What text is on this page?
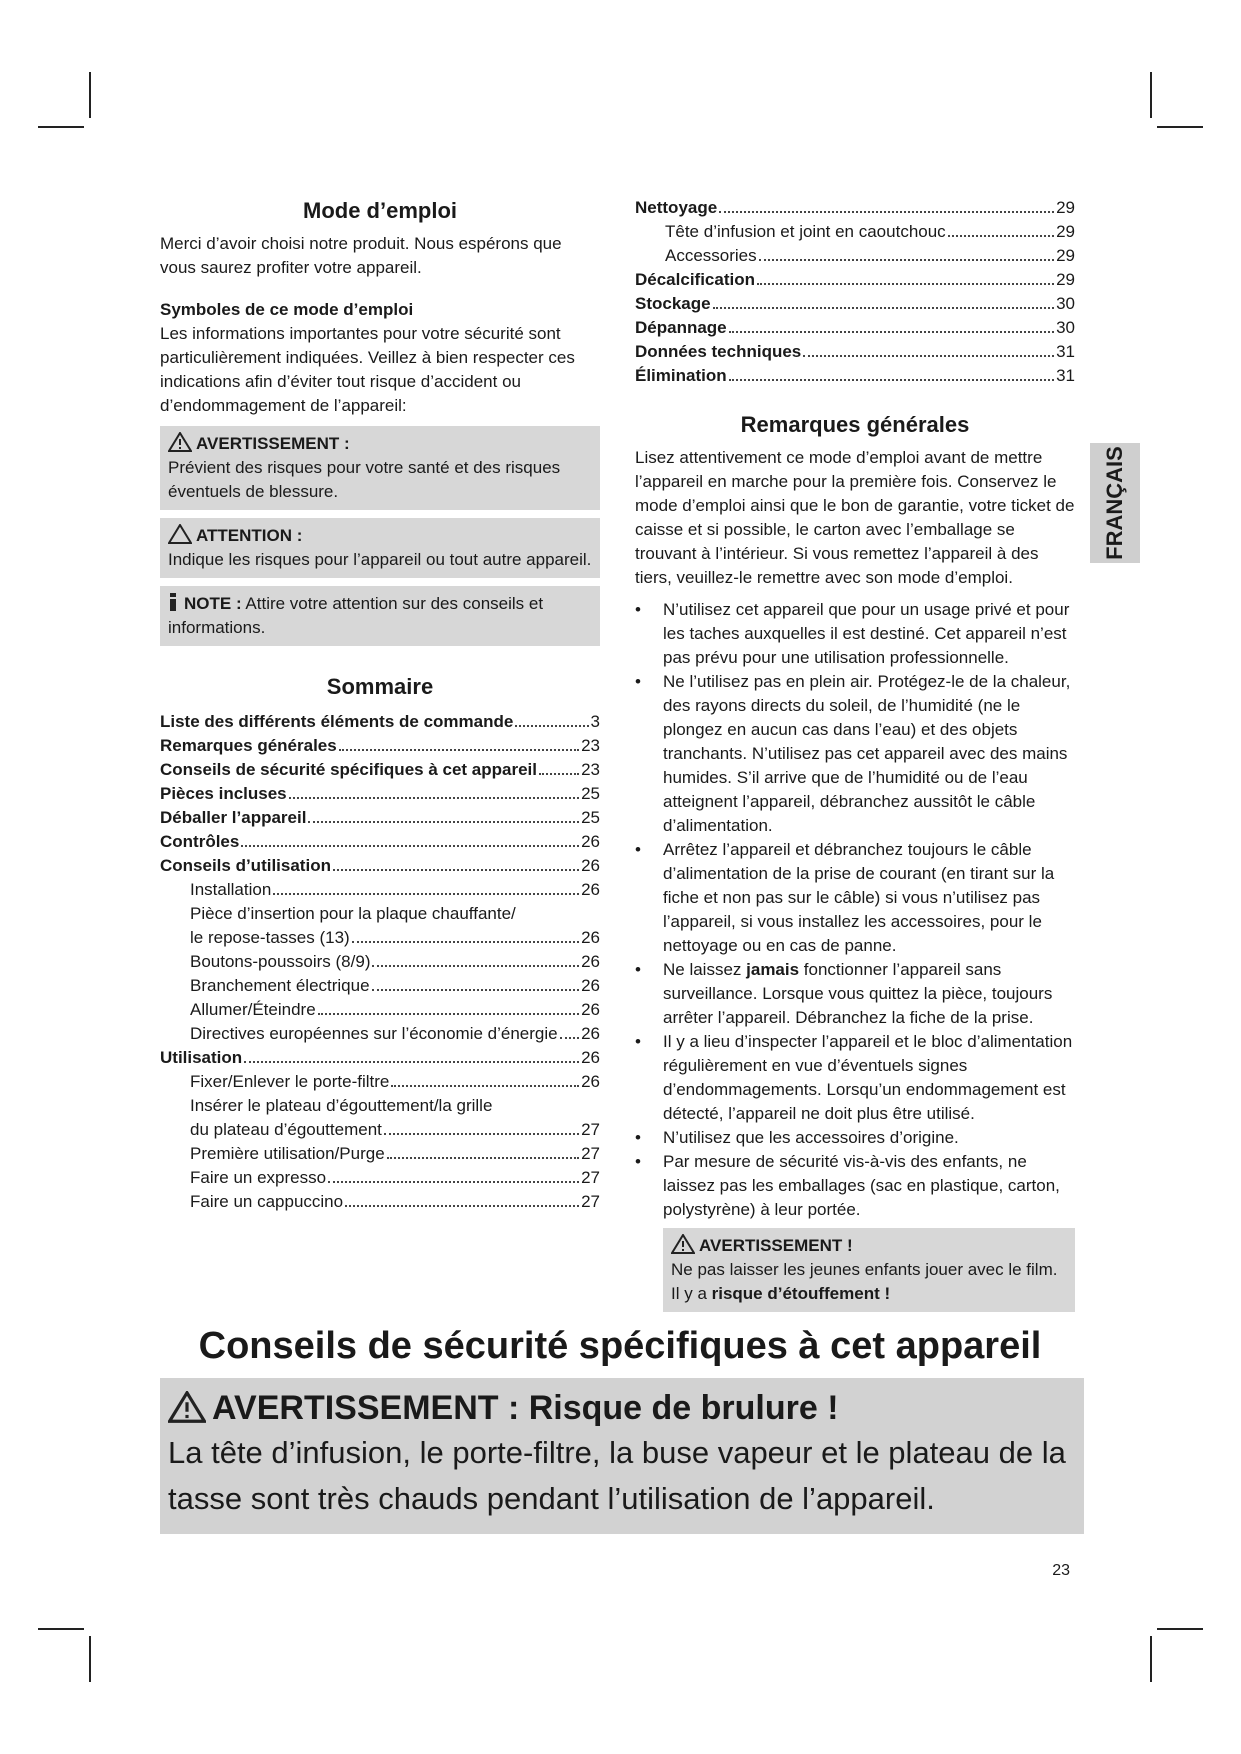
Mode d’emploi

Merci d’avoir choisi notre produit. Nous espérons que vous saurez profiter votre appareil.

Symboles de ce mode d’emploi

Les informations importantes pour votre sécurité sont particulièrement indiquées. Veillez à bien respecter ces indications afin d’éviter tout risque d’accident ou d’endommagement de l’appareil:

AVERTISSEMENT :
Prévient des risques pour votre santé et des risques éventuels de blessure.
ATTENTION :
Indique les risques pour l’appareil ou tout autre appareil.
NOTE : Attire votre attention sur des conseils et informations.
Sommaire
Liste des différents éléments de commande	3
Remarques générales	23
Conseils de sécurité spécifiques à cet appareil	23
Pièces incluses	25
Déballer l’appareil	25
Contrôles	26
Conseils d’utilisation	26
Installation	26
Pièce d’insertion pour la plaque chauffante/
le repose-tasses (13)	26
Boutons-poussoirs (8/9)	26
Branchement électrique	26
Allumer/Éteindre	26
Directives européennes sur l’économie d’énergie 26
Utilisation	26
Fixer/Enlever le porte-filtre	26
Insérer le plateau d’égouttement/la grille
du plateau d’égouttement	27
Première utilisation/Purge	27
Faire un expresso	27
Faire un cappuccino	27
Nettoyage	29
Tête d’infusion et joint en caoutchouc	29
Accessories	29
Décalcification	29
Stockage	30
Dépannage	30
Données techniques	31
Élimination	31
Remarques générales

Lisez attentivement ce mode d’emploi avant de mettre l’appareil en marche pour la première fois. Conservez le mode d’emploi ainsi que le bon de garantie, votre ticket de caisse et si possible, le carton avec l’emballage se trouvant à l’intérieur. Si vous remettez l’appareil à des tiers, veuillez-le remettre avec son mode d’emploi.

• N’utilisez cet appareil que pour un usage privé et pour les taches auxquelles il est destiné. Cet appareil n’est pas prévu pour une utilisation professionnelle.
• Ne l’utilisez pas en plein air. Protégez-le de la chaleur, des rayons directs du soleil, de l’humidité (ne le plongez en aucun cas dans l’eau) et des objets tranchants. N’utilisez pas cet appareil avec des mains humides. S’il arrive que de l’humidité ou de l’eau atteignent l’appareil, débranchez aussitôt le câble d’alimentation.
• Arrêtez l’appareil et débranchez toujours le câble d’alimentation de la prise de courant (en tirant sur la fiche et non pas sur le câble) si vous n’utilisez pas l’appareil, si vous installez les accessoires, pour le nettoyage ou en cas de panne.
• Ne laissez jamais fonctionner l’appareil sans surveillance. Lorsque vous quittez la pièce, toujours arrêter l’appareil. Débranchez la fiche de la prise.
• Il y a lieu d’inspecter l’appareil et le bloc d’alimentation régulièrement en vue d’éventuels signes d’endommagements. Lorsqu’un endommagement est détecté, l’appareil ne doit plus être utilisé.
• N’utilisez que les accessoires d’origine.
• Par mesure de sécurité vis-à-vis des enfants, ne laissez pas les emballages (sac en plastique, carton, polystyrène) à leur portée.
AVERTISSEMENT !
Ne pas laisser les jeunes enfants jouer avec le film. Il y a risque d’étouffement !
FRANÇAIS
Conseils de sécurité spécifiques à cet appareil
AVERTISSEMENT : Risque de brulure !
La tête d’infusion, le porte-filtre, la buse vapeur et le plateau de la tasse sont très chauds pendant l’utilisation de l’appareil.
23
